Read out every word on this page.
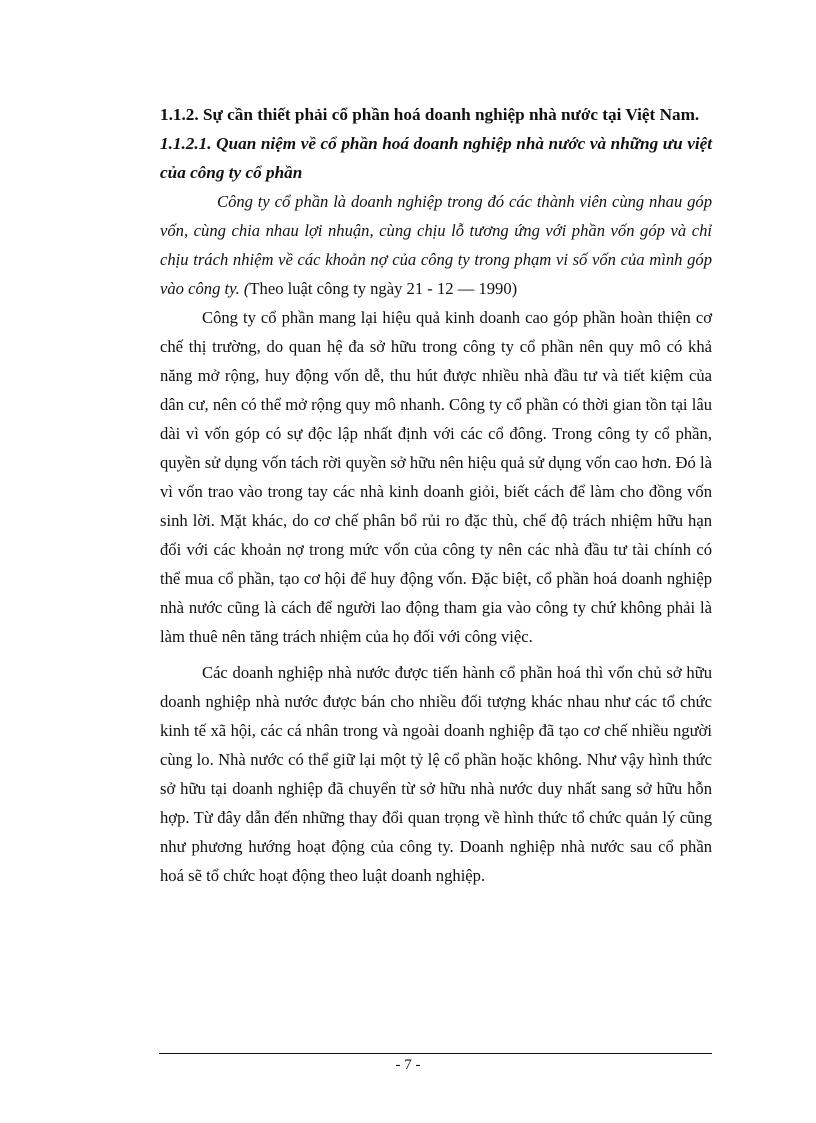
1.1.2. Sự cần thiết phải cổ phần hoá doanh nghiệp nhà nước tại Việt Nam.

1.1.2.1. Quan niệm về cổ phần hoá doanh nghiệp nhà nước và những ưu việt của công ty cổ phần

Công ty cổ phần là doanh nghiệp trong đó các thành viên cùng nhau góp vốn, cùng chia nhau lợi nhuận, cùng chịu lỗ tương ứng với phần vốn góp và chỉ chịu trách nhiệm về các khoản nợ của công ty trong phạm vi số vốn của mình góp vào công ty. (Theo luật công ty ngày 21 - 12 — 1990)

Công ty cổ phần mang lại hiệu quả kinh doanh cao góp phần hoàn thiện cơ chế thị trường, do quan hệ đa sở hữu trong công ty cổ phần nên quy mô có khả năng mở rộng, huy động vốn dễ, thu hút được nhiều nhà đầu tư và tiết kiệm của dân cư, nên có thể mở rộng quy mô nhanh. Công ty cổ phần có thời gian tồn tại lâu dài vì vốn góp có sự độc lập nhất định với các cổ đông. Trong công ty cổ phần, quyền sử dụng vốn tách rời quyền sở hữu nên hiệu quả sử dụng vốn cao hơn. Đó là vì vốn trao vào trong tay các nhà kinh doanh giỏi, biết cách để làm cho đồng vốn sinh lời. Mặt khác, do cơ chế phân bổ rủi ro đặc thù, chế độ trách nhiệm hữu hạn đối với các khoản nợ trong mức vốn của công ty nên các nhà đầu tư tài chính có thể mua cổ phần, tạo cơ hội để huy động vốn. Đặc biệt, cổ phần hoá doanh nghiệp nhà nước cũng là cách để người lao động tham gia vào công ty chứ không phải là làm thuê nên tăng trách nhiệm của họ đối với công việc.

Các doanh nghiệp nhà nước được tiến hành cổ phần hoá thì vốn chủ sở hữu doanh nghiệp nhà nước được bán cho nhiều đối tượng khác nhau như các tổ chức kinh tế xã hội, các cá nhân trong và ngoài doanh nghiệp đã tạo cơ chế nhiều người cùng lo. Nhà nước có thể giữ lại một tỷ lệ cổ phần hoặc không. Như vậy hình thức sở hữu tại doanh nghiệp đã chuyển từ sở hữu nhà nước duy nhất sang sở hữu hỗn hợp. Từ đây dẫn đến những thay đổi quan trọng về hình thức tổ chức quản lý cũng như phương hướng hoạt động của công ty. Doanh nghiệp nhà nước sau cổ phần hoá sẽ tổ chức hoạt động theo luật doanh nghiệp.

- 7 -
